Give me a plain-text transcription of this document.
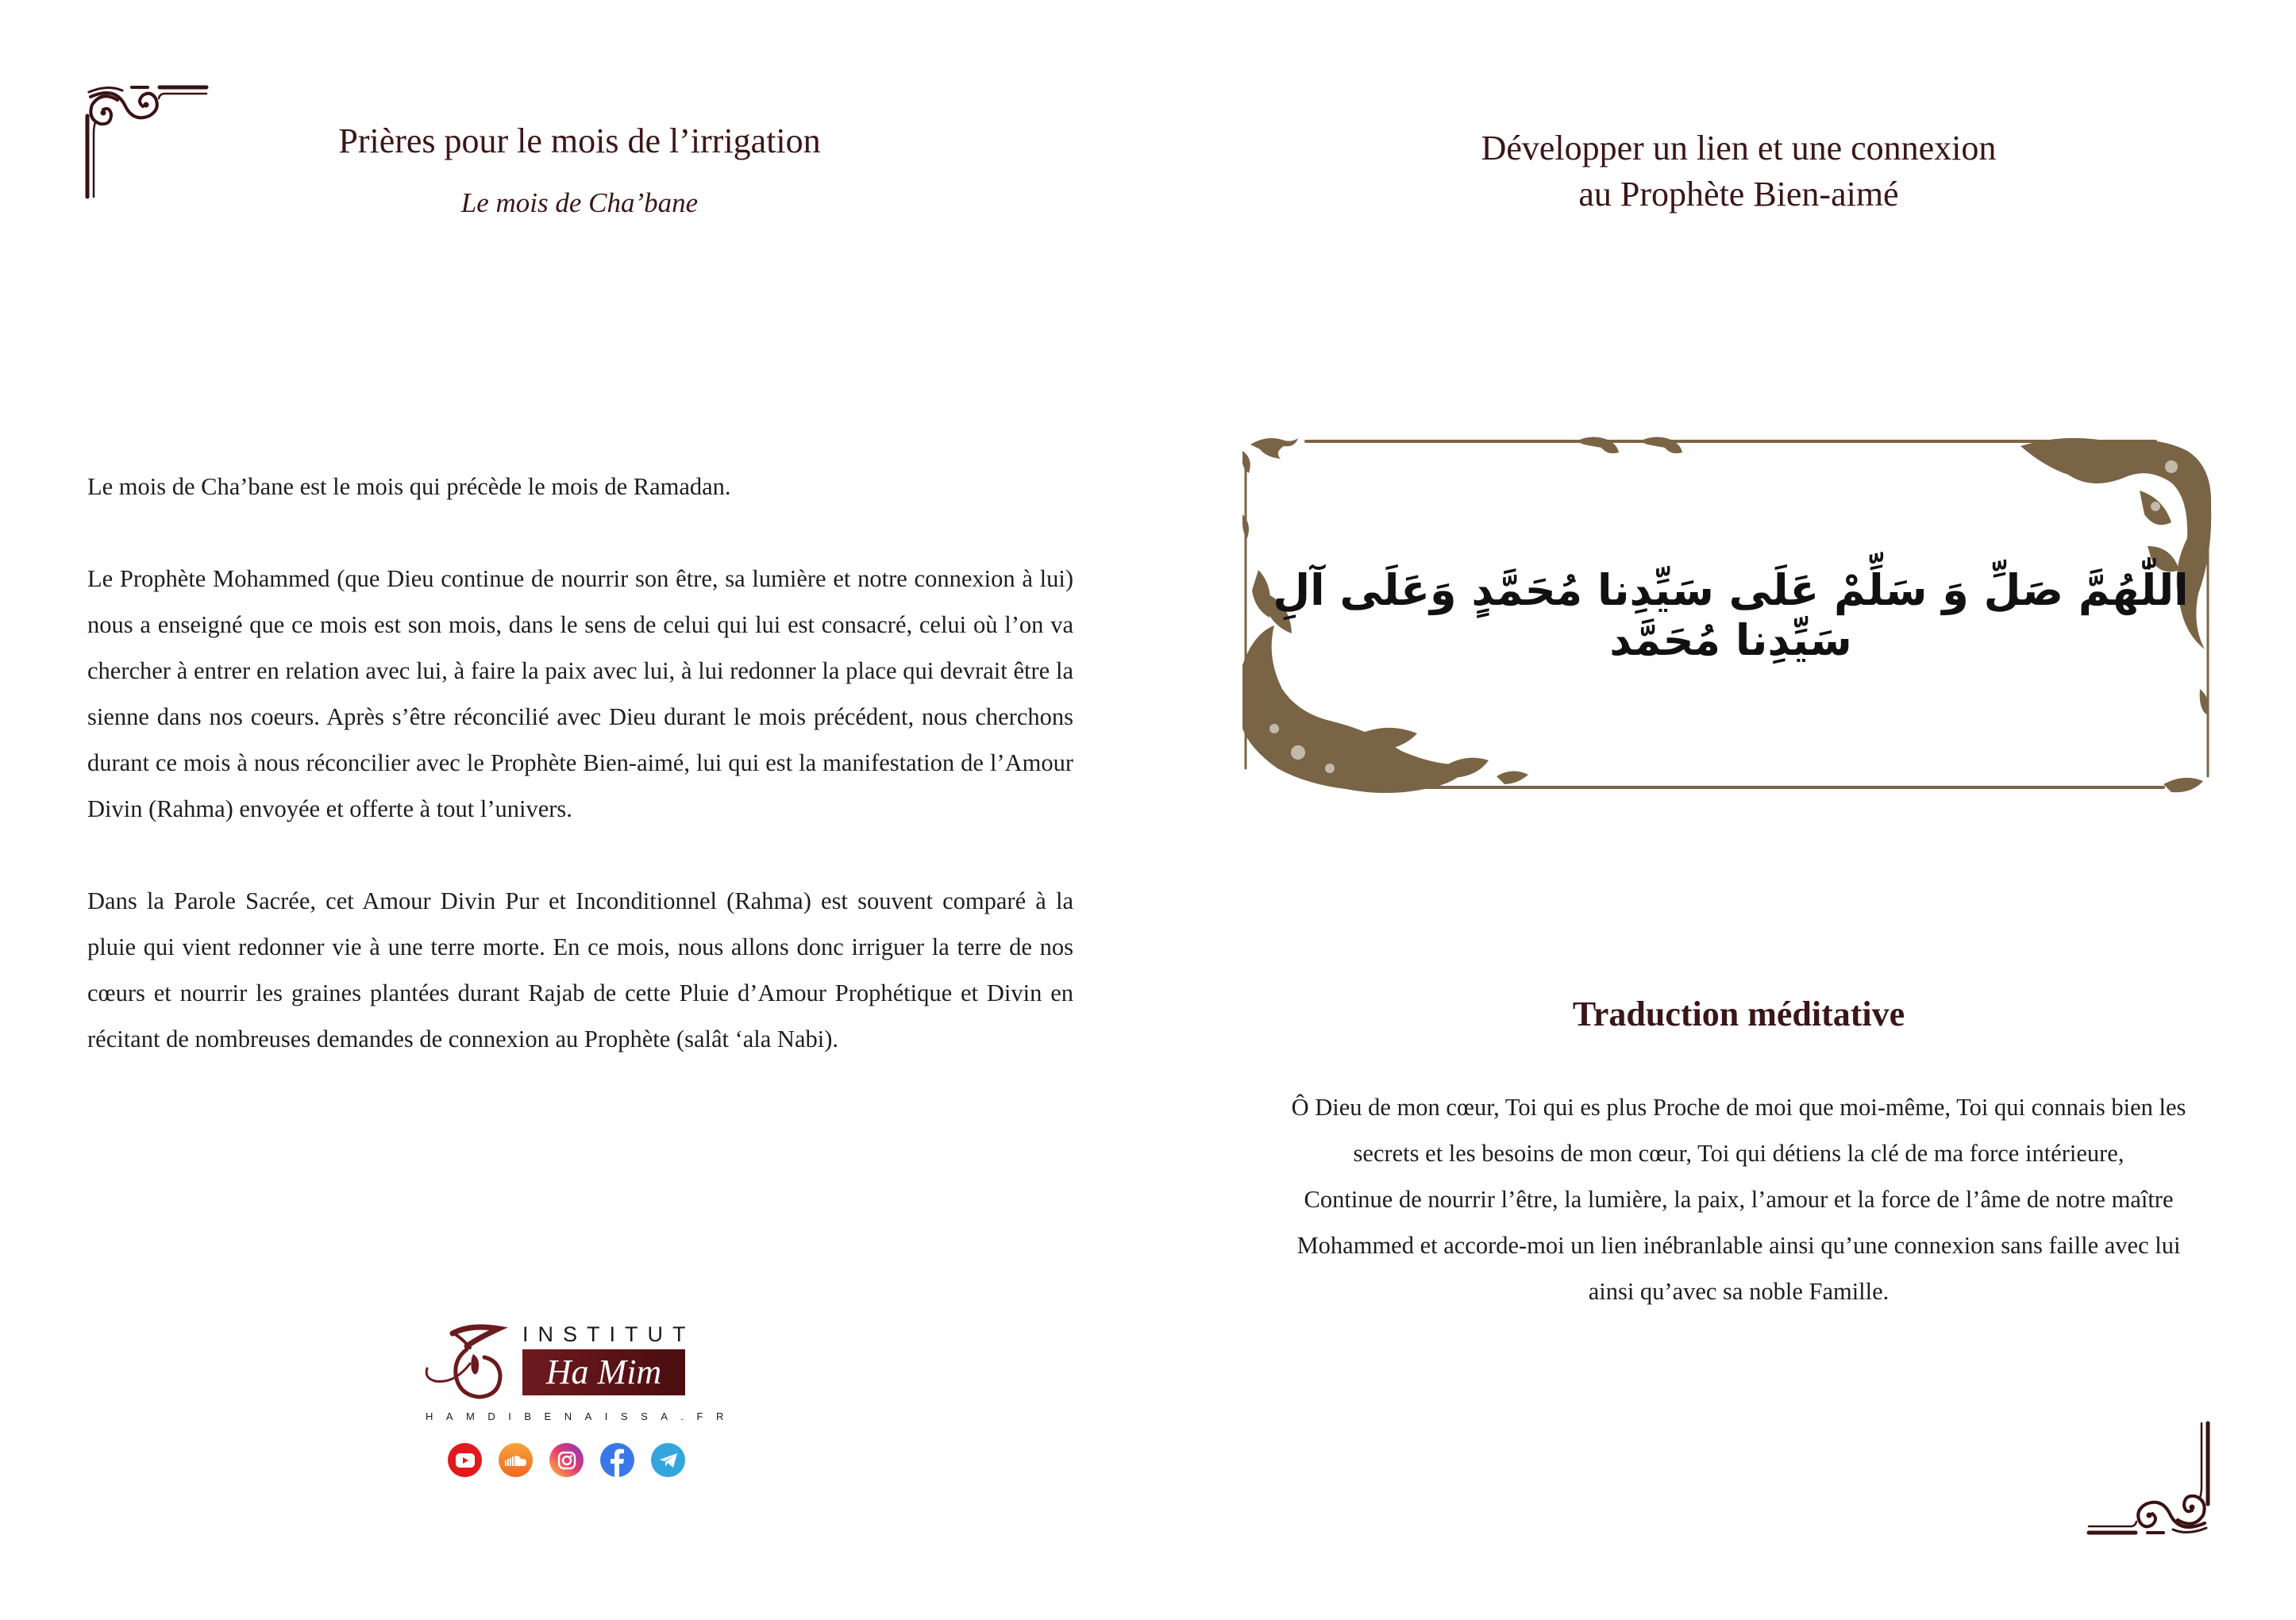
Prières pour le mois de l’irrigation
Le mois de Cha’bane

Le mois de Cha’bane est le mois qui précède le mois de Ramadan.

Le Prophète Mohammed (que Dieu continue de nourrir son être, sa lumière et notre connexion à lui) nous a enseigné que ce mois est son mois, dans le sens de celui qui lui est consacré, celui où l’on va chercher à entrer en relation avec lui, à faire la paix avec lui, à lui redonner la place qui devrait être la sienne dans nos coeurs. Après s’être réconcilié avec Dieu durant le mois précédent, nous cherchons durant ce mois à nous réconcilier avec le Prophète Bien-aimé, lui qui est la manifestation de l’Amour Divin (Rahma) envoyée et offerte à tout l’univers.

Dans la Parole Sacrée, cet Amour Divin Pur et Inconditionnel (Rahma) est souvent comparé à la pluie qui vient redonner vie à une terre morte. En ce mois, nous allons donc irriguer la terre de nos cœurs et nourrir les graines plantées durant Rajab de cette Pluie d’Amour Prophétique et Divin en récitant de nombreuses demandes de connexion au Prophète (salât ‘ala Nabi).

INSTITUT
Ha Mim
HAMDIBENAISSA.FR
Développer un lien et une connexion
au Prophète Bien-aimé
اللّٰهُمَّ صَلِّ وَ سَلِّمْ عَلَى سَيِّدِنا مُحَمَّدٍ وَعَلَى آلِ سَيِّدِنا مُحَمَّد
Traduction méditative
Ô Dieu de mon cœur, Toi qui es plus Proche de moi que moi-même, Toi qui connais bien les
secrets et les besoins de mon cœur, Toi qui détiens la clé de ma force intérieure,
Continue de nourrir l’être, la lumière, la paix, l’amour et la force de l’âme de notre maître
Mohammed et accorde-moi un lien inébranlable ainsi qu’une connexion sans faille avec lui
ainsi qu’avec sa noble Famille.
